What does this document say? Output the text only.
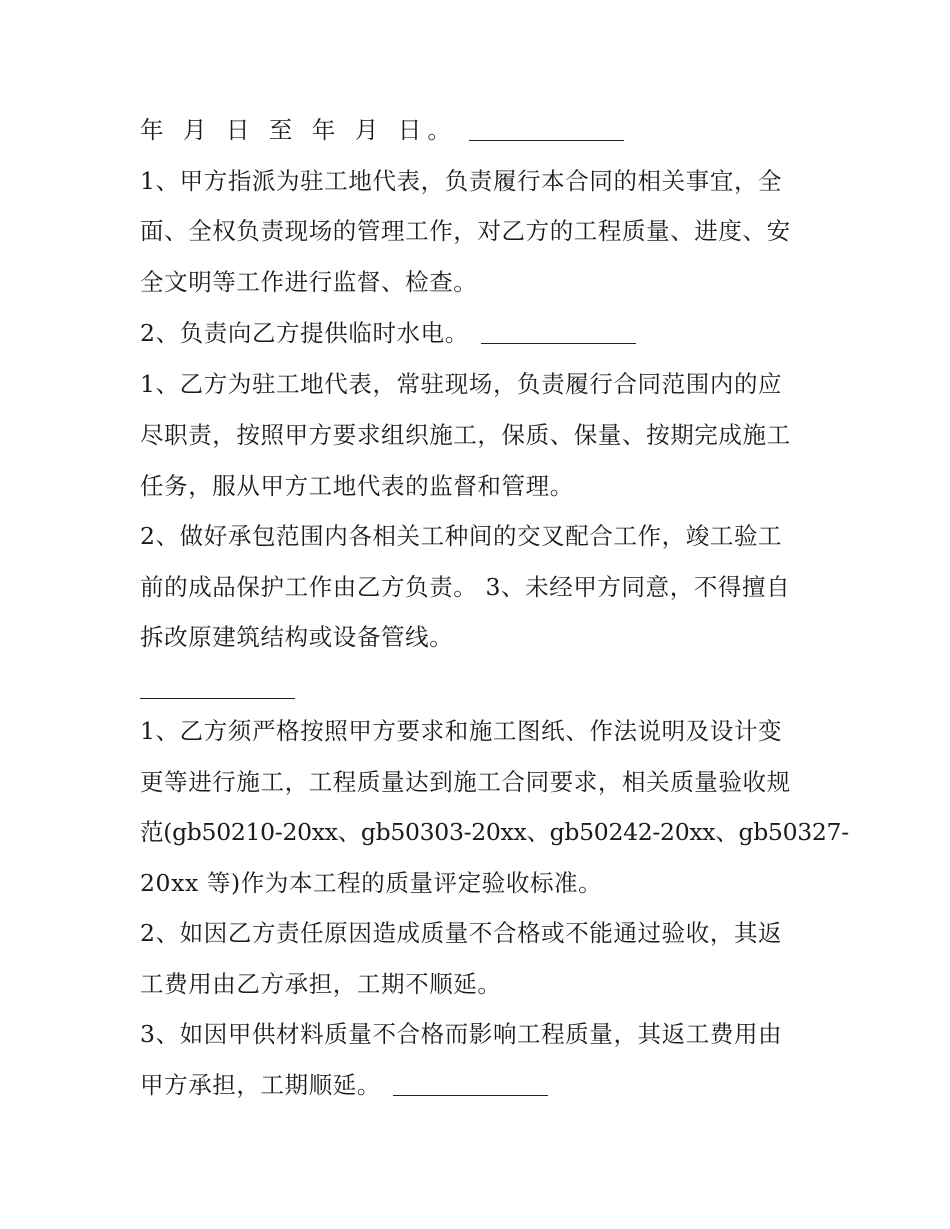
年 月 日 至 年 月 日。
1、甲方指派为驻工地代表，负责履行本合同的相关事宜，全
面、全权负责现场的管理工作，对乙方的工程质量、进度、安
全文明等工作进行监督、检查。
2、负责向乙方提供临时水电。
1、乙方为驻工地代表，常驻现场，负责履行合同范围内的应
尽职责，按照甲方要求组织施工，保质、保量、按期完成施工
任务，服从甲方工地代表的监督和管理。
2、做好承包范围内各相关工种间的交叉配合工作，竣工验工
前的成品保护工作由乙方负责。 3、未经甲方同意，不得擅自
拆改原建筑结构或设备管线。
1、乙方须严格按照甲方要求和施工图纸、作法说明及设计变
更等进行施工，工程质量达到施工合同要求，相关质量验收规
范(gb50210-20xx、gb50303-20xx、gb50242-20xx、gb50327-
20xx 等)作为本工程的质量评定验收标准。
2、如因乙方责任原因造成质量不合格或不能通过验收，其返
工费用由乙方承担，工期不顺延。
3、如因甲供材料质量不合格而影响工程质量，其返工费用由
甲方承担，工期顺延。
